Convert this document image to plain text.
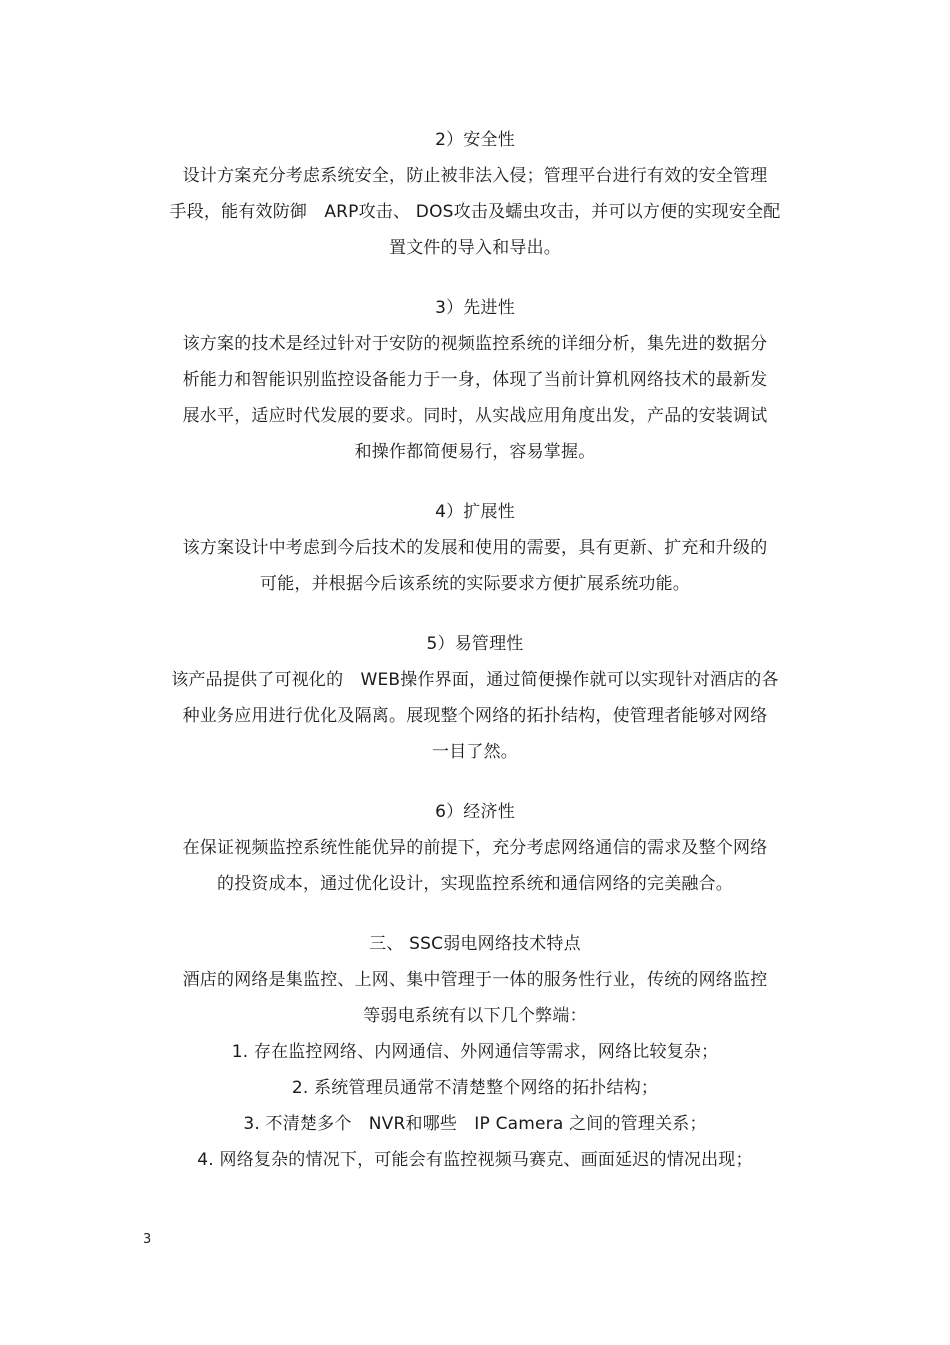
2）安全性
设计方案充分考虑系统安全，防止被非法入侵；管理平台进行有效的安全管理
手段，能有效防御　ARP攻击、 DOS攻击及蠕虫攻击，并可以方便的实现安全配
置文件的导入和导出。
3）先进性
该方案的技术是经过针对于安防的视频监控系统的详细分析，集先进的数据分
析能力和智能识别监控设备能力于一身，体现了当前计算机网络技术的最新发
展水平，适应时代发展的要求。同时，从实战应用角度出发，产品的安装调试
和操作都简便易行，容易掌握。
4）扩展性
该方案设计中考虑到今后技术的发展和使用的需要，具有更新、扩充和升级的
可能，并根据今后该系统的实际要求方便扩展系统功能。
5）易管理性
该产品提供了可视化的　WEB操作界面，通过简便操作就可以实现针对酒店的各
种业务应用进行优化及隔离。展现整个网络的拓扑结构，使管理者能够对网络
一目了然。
6）经济性
在保证视频监控系统性能优异的前提下，充分考虑网络通信的需求及整个网络
的投资成本，通过优化设计，实现监控系统和通信网络的完美融合。
三、 SSC弱电网络技术特点
酒店的网络是集监控、上网、集中管理于一体的服务性行业，传统的网络监控
等弱电系统有以下几个弊端：
1. 存在监控网络、内网通信、外网通信等需求，网络比较复杂；
2. 系统管理员通常不清楚整个网络的拓扑结构；
3. 不清楚多个　NVR和哪些　IP Camera 之间的管理关系；
4. 网络复杂的情况下，可能会有监控视频马赛克、画面延迟的情况出现；
3
